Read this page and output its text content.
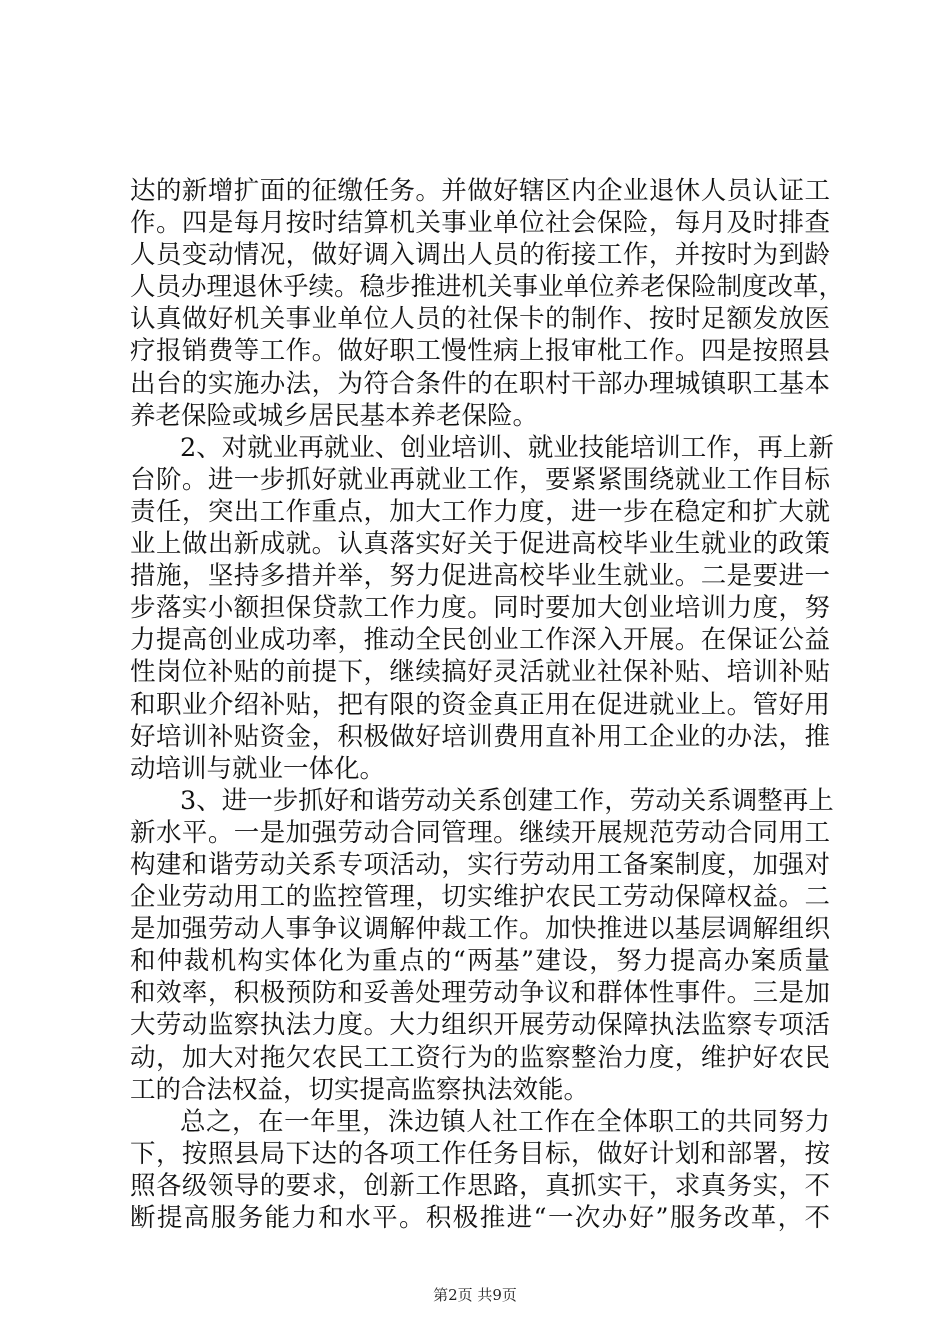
达的新增扩面的征缴任务。并做好辖区内企业退休人员认证工
作。四是每月按时结算机关事业单位社会保险，每月及时排查
人员变动情况，做好调入调出人员的衔接工作，并按时为到龄
人员办理退休乎续。稳步推进机关事业单位养老保险制度改革，
认真做好机关事业单位人员的社保卡的制作、按时足额发放医
疗报销费等工作。做好职工慢性病上报审枇工作。四是按照县
出台的实施办法，为符合条件的在职村干部办理城镇职工基本
养老保险或城乡居民基本养老保险。
2、对就业再就业、创业培训、就业技能培训工作，再上新
台阶。进一步抓好就业再就业工作，要紧紧围绕就业工作目标
责任，突出工作重点，加大工作力度，进一步在稳定和扩大就
业上做出新成就。认真落实好关于促进高校毕业生就业的政策
措施，坚持多措并举，努力促进高校毕业生就业。二是要进一
步落实小额担保贷款工作力度。同时要加大创业培训力度，努
力提高创业成功率，推动全民创业工作深入开展。在保证公益
性岗位补贴的前提下，继续搞好灵活就业社保补贴、培训补贴
和职业介绍补贴，把有限的资金真正用在促进就业上。管好用
好培训补贴资金，积极做好培训费用直补用工企业的办法，推
动培训与就业一体化。
3、进一步抓好和谐劳动关系创建工作，劳动关系调整再上
新水平。一是加强劳动合同管理。继续开展规范劳动合同用工
构建和谐劳动关系专项活动，实行劳动用工备案制度，加强对
企业劳动用工的监控管理，切实维护农民工劳动保障权益。二
是加强劳动人事争议调解仲裁工作。加快推进以基层调解组织
和仲裁机构实体化为重点的“两基”建设，努力提高办案质量
和效率，积极预防和妥善处理劳动争议和群体性事件。三是加
大劳动监察执法力度。大力组织开展劳动保障执法监察专项活
动，加大对拖欠农民工工资行为的监察整治力度，维护好农民
工的合法权益，切实提高监察执法效能。
总之，在一年里，洙边镇人社工作在全体职工的共同努力
下，按照县局下达的各项工作任务目标，做好计划和部署，按
照各级领导的要求，创新工作思路，真抓实干，求真务实，不
断提高服务能力和水平。积极推进“一次办好”服务改革，不
第2页 共9页
